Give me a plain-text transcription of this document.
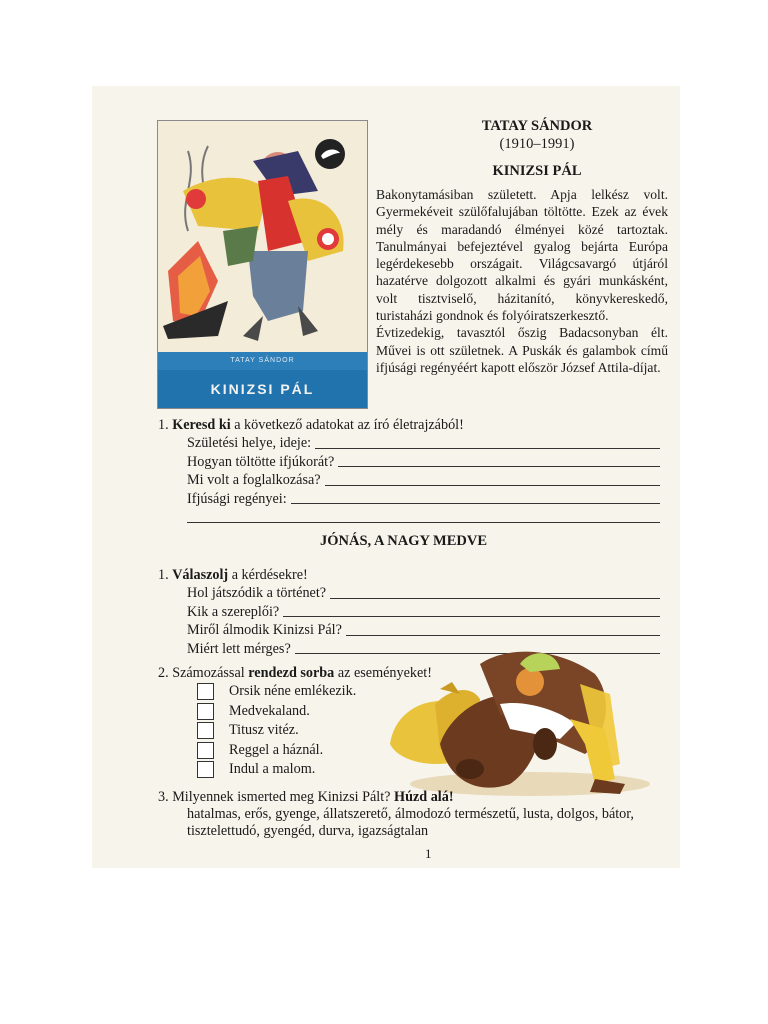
TATAY SÁNDOR
KINIZSI PÁL
TATAY SÁNDOR
(1910–1991)
KINIZSI PÁL

Bakonytamásiban született. Apja lelkész volt. Gyermekéveit szülőfalujában töltötte. Ezek az évek mély és maradandó élményei közé tartoztak. Tanulmányai befejeztével gyalog bejárta Európa legérdekesebb országait. Világcsavargó útjáról hazatérve dolgozott alkalmi és gyári munkásként, volt tisztviselő, házitanító, könyvkereskedő, turistaházi gondnok és folyóiratszerkesztő.

Évtizedekig, tavasztól őszig Badacsonyban élt. Művei is ott születnek. A Puskák és galambok című ifjúsági regényéért kapott először József Attila-díjat.

1. Keresd ki a következő adatokat az író életrajzából!
Születési helye, ideje:
Hogyan töltötte ifjúkorát?
Mi volt a foglalkozása?
Ifjúsági regényei:
JÓNÁS, A NAGY MEDVE
1. Válaszolj a kérdésekre!
Hol játszódik a történet?
Kik a szereplői?
Miről álmodik Kinizsi Pál?
Miért lett mérges?
2. Számozással rendezd sorba az eseményeket!
Orsik néne emlékezik.
Medvekaland.
Titusz vitéz.
Reggel a háznál.
Indul a malom.
3. Milyennek ismerted meg Kinizsi Pált? Húzd alá!
hatalmas, erős, gyenge, állatszerető, álmodozó természetű, lusta, dolgos, bátor,
tisztelettudó, gyengéd, durva, igazságtalan
1
